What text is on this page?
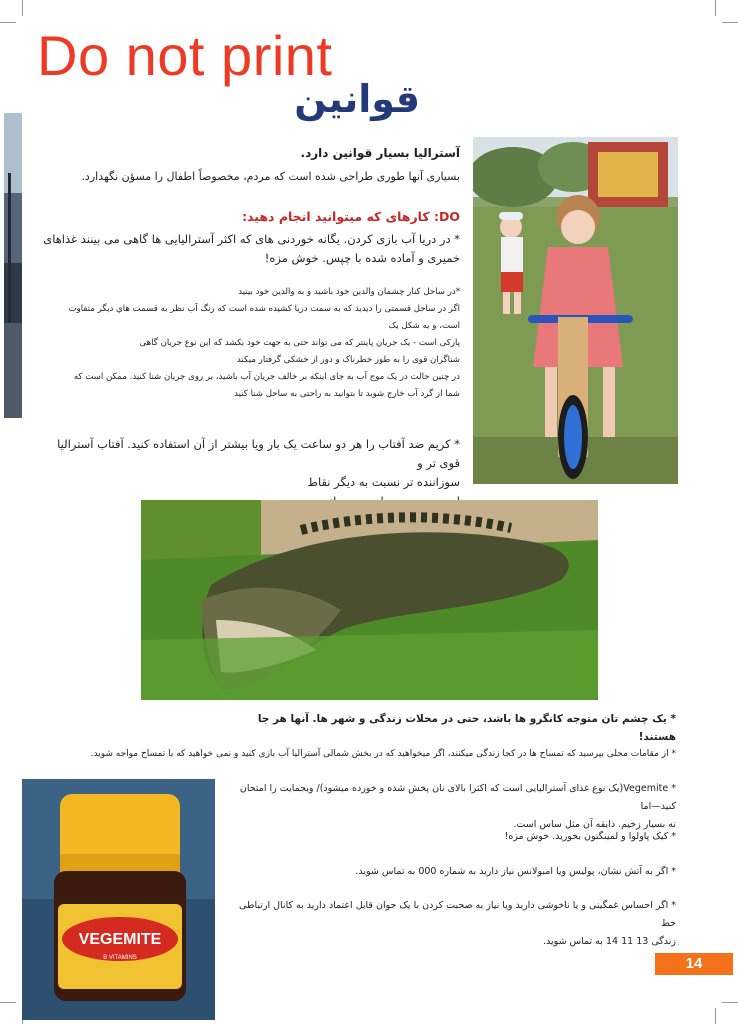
Do not print
قوانین
آسترالیا بسیار قوانین دارد.
بسیاری آنها طوری طراحی شده است که مردم، مخصوصاً اطفال را مسؤن نگهدارد.
DO: کارهای که میتوانید انجام دهید:
* در دریا آب بازی کردن. یگانه خوردنی های که اکثر آسترالیایی ها گاهی می بینند غذاهای خمیری و آماده شده با چپس. خوش مزه!
*در ساحل کنار چشمان والدین خود باشید و به والدین خود بینید
اگر در ساحل قسمتی را دیدید که به سمت دریا کشیده شده است که رنگ آب نظر به قسمت هاي ديگر متفاوت
است، و به شکل یک
پارکی است - یک جریان پاینتر که می تواند حتی به جهت خود بکشد که این نوع جریان گاهی
شناگران قوی را به طور خطرناک و دور از خشکی گرفتار میکند
در چنین حالت در یک موج آب به جای اینکه بر خالف جریان آب باشید، بر روی جریان شنا کنید. ممکن است که
شما از گرد آب خارج شوید تا بتوانید به راحتی به ساحل شنا کنید
* کریم ضد آفتاب را هر دو ساعت یک بار ویا بیشتر از آن استفاده کنید. آفتاب آسترالیا قوی تر و
سوزاننده تر نسبت به دیگر نقاط
VEGEMITE
B VITAMINS
* یک چشم تان متوجه کانگرو ها باشد، حتی در محلات زندگی و شهر ها. آنها هر جا هستند!
* از مقامات محلی بپرسید که تمساح ها در کجا زندگی میکنند، اگر میخواهید که در بخش شمالی آسترالیا آب بازی کنید و نمی خواهید که با تمساح مواجه شوید.
* Vegemite(یک نوع غذای آسترالیایی است که اکثرا بالای نان پخش شده و خورده میشود)/ ویجمایت را امتحان کنید—اما
نه بسیار زخیم. ذایقه آن مثل ساس است.
* کیک پاولوا و لمینگتون بخورید. خوش مزه!
* اگر به آتش نشان، پولیس ویا امبولانس نیاز دارید به شماره 000 به تماس شوید.
* اگر احساس غمگینی و یا ناخوشی دارید ویا نیاز به صحبت کردن با یک جوان قابل اعتماد دارید به کانال ارتباطی خط
زندگی 13 11 14 به تماس شوید.
14
